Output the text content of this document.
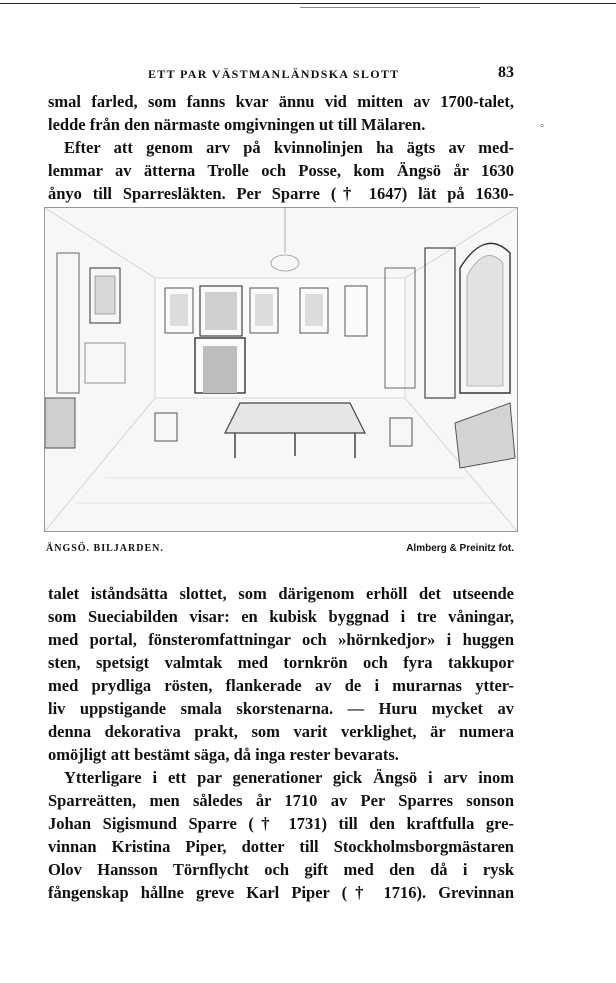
ETT PAR VÄSTMANLÄNDSKA SLOTT	83
smal farled, som fanns kvar ännu vid mitten av 1700-talet,
ledde från den närmaste omgivningen ut till Mälaren.
Efter att genom arv på kvinnolinjen ha ägts av med-
lemmar av ätterna Trolle och Posse, kom Ängsö år 1630
ånyo till Sparresläkten. Per Sparre († 1647) lät på 1630-
ÄNGSÖ. BILJARDEN.	Almberg & Preinitz fot.
talet iståndsätta slottet, som därigenom erhöll det utseende
som Sueciabilden visar: en kubisk byggnad i tre våningar,
med portal, fönsteromfattningar och »hörnkedjor» i huggen
sten, spetsigt valmtak med tornkrön och fyra takkupor
med prydliga rösten, flankerade av de i murarnas ytter-
liv uppstigande smala skorstenarna. — Huru mycket av
denna dekorativa prakt, som varit verklighet, är numera
omöjligt att bestämt säga, då inga rester bevarats.
Ytterligare i ett par generationer gick Ängsö i arv inom
Sparreätten, men således år 1710 av Per Sparres sonson
Johan Sigismund Sparre († 1731) till den kraftfulla gre-
vinnan Kristina Piper, dotter till Stockholmsborgmästaren
Olov Hansson Törnflycht och gift med den då i rysk
fångenskap hållne greve Karl Piper († 1716). Grevinnan
°
